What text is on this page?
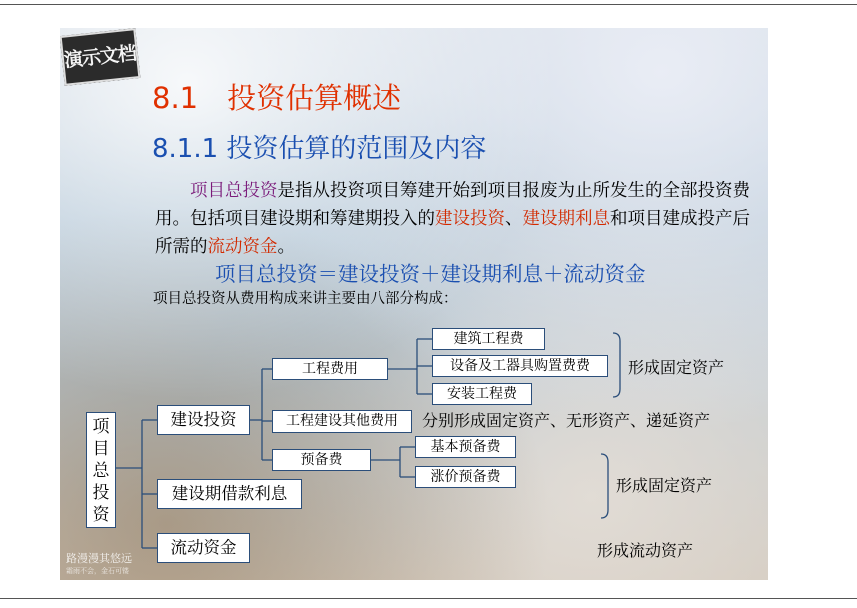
演示文档
8.1　投资估算概述
8.1.1 投资估算的范围及内容

　　项目总投资是指从投资项目筹建开始到项目报废为止所发生的全部投资费用。包括项目建设期和筹建期投入的建设投资、建设期利息和项目建成投产后所需的流动资金。

项目总投资＝建设投资＋建设期利息＋流动资金
项目总投资从费用构成来讲主要由八部分构成：
项目总投资
建设投资
建设期借款利息
流动资金
工程费用
工程建设其他费用
预备费
建筑工程费
设备及工器具购置费费
安装工程费
基本预备费
涨价预备费
形成固定资产
分别形成固定资产、无形资产、递延资产
形成固定资产
形成流动资产
路漫漫其悠远
霜雨不会，金石可镂
